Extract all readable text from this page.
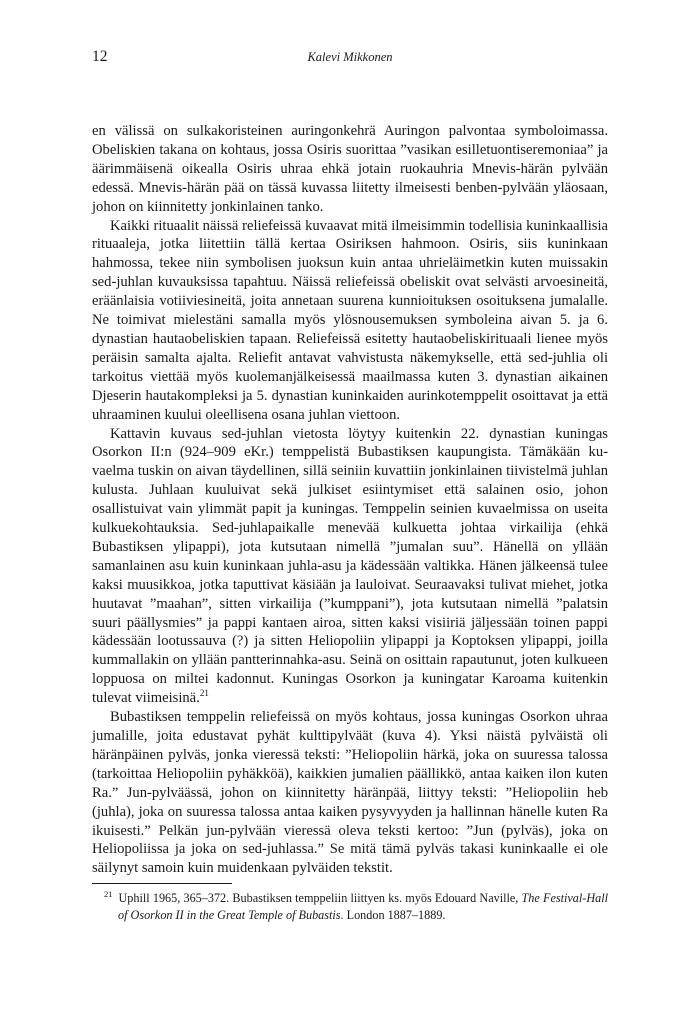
12	Kalevi Mikkonen

en välissä on sulkakoristeinen auringonkehrä Auringon palvontaa symboloimassa. Obeliskien takana on kohtaus, jossa Osiris suorittaa ”vasikan esilletuontiseremoniaa” ja äärimmäisenä oikealla Osiris uhraa ehkä jotain ruokauhria Mnevis-härän pylvään edessä. Mnevis-härän pää on tässä kuvassa liitetty ilmeisesti benben-pylvään yläosaan, johon on kiinnitetty jonkinlainen tanko.

Kaikki rituaalit näissä reliefeissä kuvaavat mitä ilmeisimmin todellisia kuninkaallisia rituaaleja, jotka liitettiin tällä kertaa Osiriksen hahmoon. Osiris, siis kuninkaan hahmossa, tekee niin symbolisen juoksun kuin antaa uhrieläimetkin kuten muissakin sed-juhlan kuvauksissa tapahtuu. Näissä reliefeissä obeliskit ovat selvästi arvoesineitä, eräänlaisia votiiviesineitä, joita annetaan suurena kunnioituksen osoituksena jumalalle. Ne toimivat mielestäni samalla myös ylösnousemuksen symboleina aivan 5. ja 6. dynastian hautaobeliskien tapaan. Reliefeissä esitetty hautaobeliskirituaali lienee myös peräisin samalta ajalta. Reliefit antavat vahvistusta näkemykselle, että sed-juhlia oli tarkoitus viettää myös kuolemanjälkeisessä maailmassa kuten 3. dynastian aikainen Djeserin hautakompleksi ja 5. dynastian kuninkaiden aurinkotemppelit osoittavat ja että uhraaminen kuului oleellisena osana juhlan viettoon.

Kattavin kuvaus sed-juhlan vietosta löytyy kuitenkin 22. dynastian kuningas Osorkon II:n (924–909 eKr.) temppelistä Bubastiksen kaupungista. Tämäkään kuvaelma tuskin on aivan täydellinen, sillä seiniin kuvattiin jonkinlainen tiivistelmä juhlan kulusta. Juhlaan kuuluivat sekä julkiset esiintymiset että salainen osio, johon osallistuivat vain ylimmät papit ja kuningas. Temppelin seinien kuvaelmissa on useita kulkuekohtauksia. Sed-juhlapaikalle menevää kulkuetta johtaa virkailija (ehkä Bubastiksen ylipappi), jota kutsutaan nimellä ”jumalan suu”. Hänellä on yllään samanlainen asu kuin kuninkaan juhla-asu ja kädessään valtikka. Hänen jälkeensä tulee kaksi muusikkoa, jotka taputtivat käsiään ja lauloivat. Seuraavaksi tulivat miehet, jotka huutavat ”maahan”, sitten virkailija (”kumppani”), jota kutsutaan nimellä ”palatsin suuri päällysmies” ja pappi kantaen airoa, sitten kaksi visiiriä jäljessään toinen pappi kädessään lootussauva (?) ja sitten Heliopoliin ylipappi ja Koptoksen ylipappi, joilla kummallakin on yllään pantterinnahka-asu. Seinä on osittain rapautunut, joten kulkueen loppuosa on miltei kadonnut. Kuningas Osorkon ja kuningatar Karoama kuitenkin tulevat viimeisinä.$^{21}$

Bubastiksen temppelin reliefeissä on myös kohtaus, jossa kuningas Osorkon uhraa jumalille, joita edustavat pyhät kulttipylväät (kuva 4). Yksi näistä pylväistä oli häränpäinen pylväs, jonka vieressä teksti: ”Heliopoliin härkä, joka on suuressa talossa (tarkoittaa Heliopoliin pyhäkköä), kaikkien jumalien päällikkö, antaa kaiken ilon kuten Ra.” Jun-pylväässä, johon on kiinnitetty häränpää, liittyy teksti: ”Heliopoliin heb (juhla), joka on suuressa talossa antaa kaiken pysyvyyden ja hallinnan hänelle kuten Ra ikuisesti.” Pelkän jun-pylvään vieressä oleva teksti kertoo: ”Jun (pylväs), joka on Heliopoliissa ja joka on sed-juhlassa.” Se mitä tämä pylväs takasi kuninkaalle ei ole säilynyt samoin kuin muidenkaan pylväiden tekstit.

$^{21}$ Uphill 1965, 365–372. Bubastiksen temppeliin liittyen ks. myös Edouard Naville, The Festival-Hall of Osorkon II in the Great Temple of Bubastis. London 1887–1889.
